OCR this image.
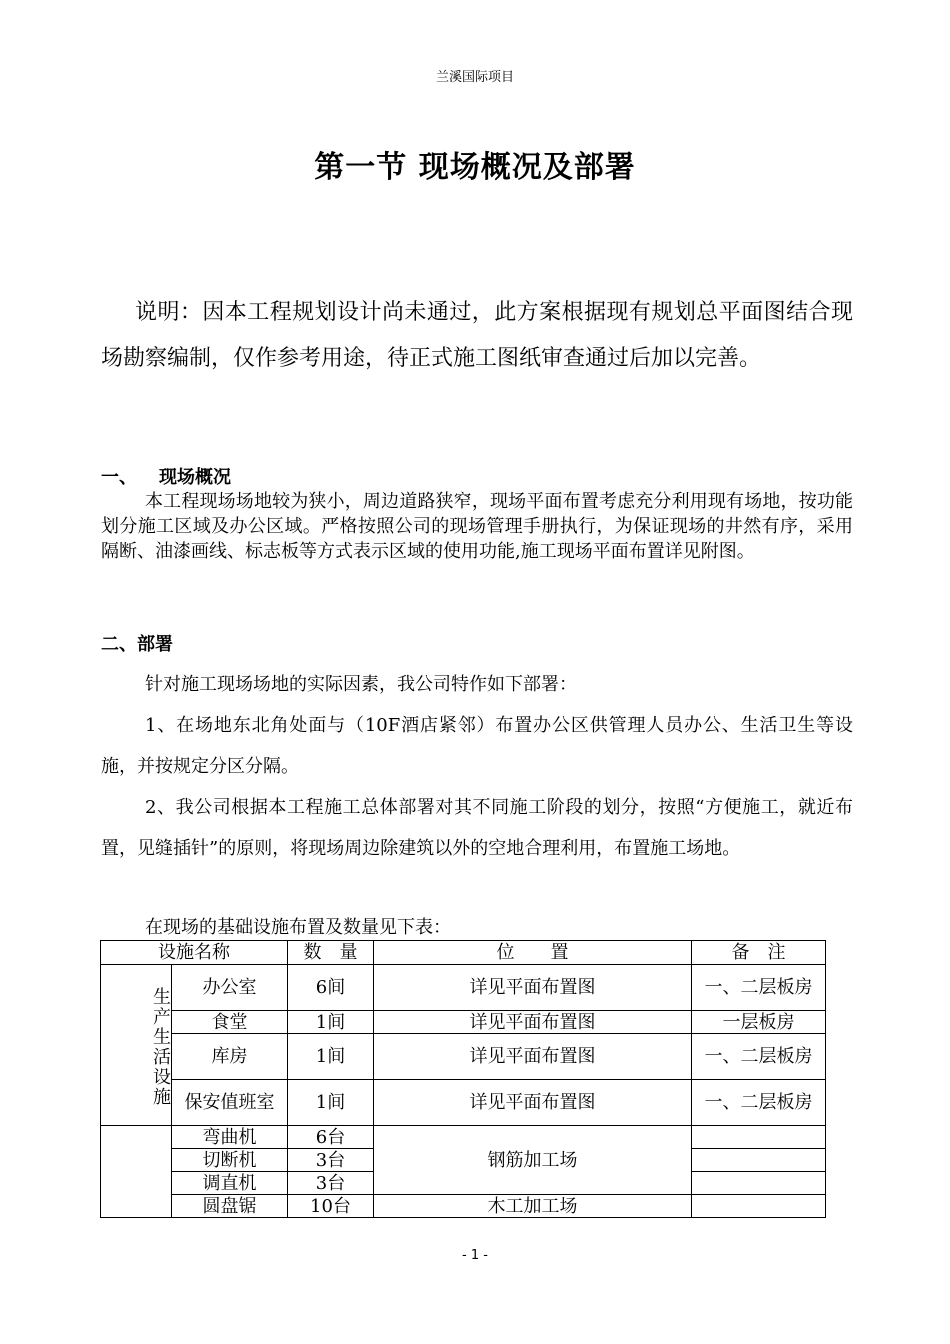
兰溪国际项目
第一节 现场概况及部署
说明：因本工程规划设计尚未通过，此方案根据现有规划总平面图结合现场勘察编制，仅作参考用途，待正式施工图纸审查通过后加以完善。
一、 现场概况
本工程现场场地较为狭小，周边道路狭窄，现场平面布置考虑充分利用现有场地，按功能划分施工区域及办公区域。严格按照公司的现场管理手册执行，为保证现场的井然有序，采用隔断、油漆画线、标志板等方式表示区域的使用功能,施工现场平面布置详见附图。
二、部署
针对施工现场场地的实际因素，我公司特作如下部署：
1、在场地东北角处面与（10F酒店紧邻）布置办公区供管理人员办公、生活卫生等设施，并按规定分区分隔。
2、我公司根据本工程施工总体部署对其不同施工阶段的划分，按照“方便施工，就近布置，见缝插针”的原则，将现场周边除建筑以外的空地合理利用，布置施工场地。
在现场的基础设施布置及数量见下表：
设施名称		数　量	位　　置	备　注
生产生活设施	办公室	6间	详见平面布置图	一、二层板房
	食堂	1间	详见平面布置图	一层板房
	库房	1间	详见平面布置图	一、二层板房
	保安值班室	1间	详见平面布置图	一、二层板房
	弯曲机	6台	钢筋加工场	
	切断机	3台		
	调直机	3台		
	圆盘锯	10台	木工加工场	
- 1 -
